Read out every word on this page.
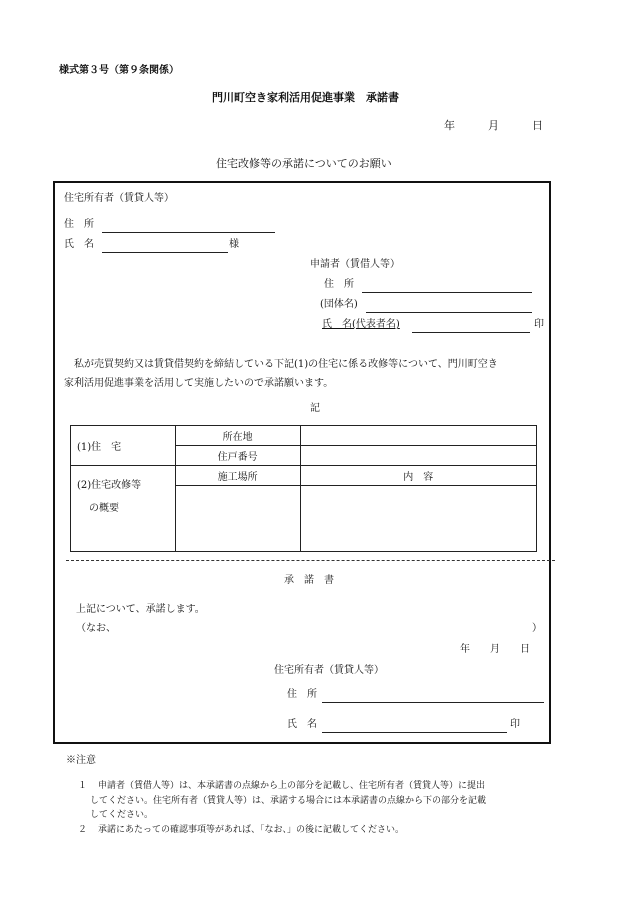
様式第３号（第９条関係）
門川町空き家利活用促進事業　承諾書
年　　　月　　　日
住宅改修等の承諾についてのお願い
住宅所有者（賃貸人等）
住　所
氏　名	様
申請者（賃借人等）
住　所
(団体名)
氏　名(代表者名)	印
私が売買契約又は賃貸借契約を締結している下記(1)の住宅に係る改修等について、門川町空き
家利活用促進事業を活用して実施したいので承諾願います。
記
(1)住　宅	所在地	
	住戸番号	

(2)住宅改修等
の概要	施工場所	内　容

承　諾　書
上記について、承諾します。
（なお、	）
年　　月　　日
住宅所有者（賃貸人等）
住　所
氏　名	印
※注意
１ 申請者（賃借人等）は、本承諾書の点線から上の部分を記載し、住宅所有者（賃貸人等）に提出
してください。住宅所有者（賃貸人等）は、承諾する場合には本承諾書の点線から下の部分を記載
してください。
２ 承諾にあたっての確認事項等があれば、「なお、」の後に記載してください。
